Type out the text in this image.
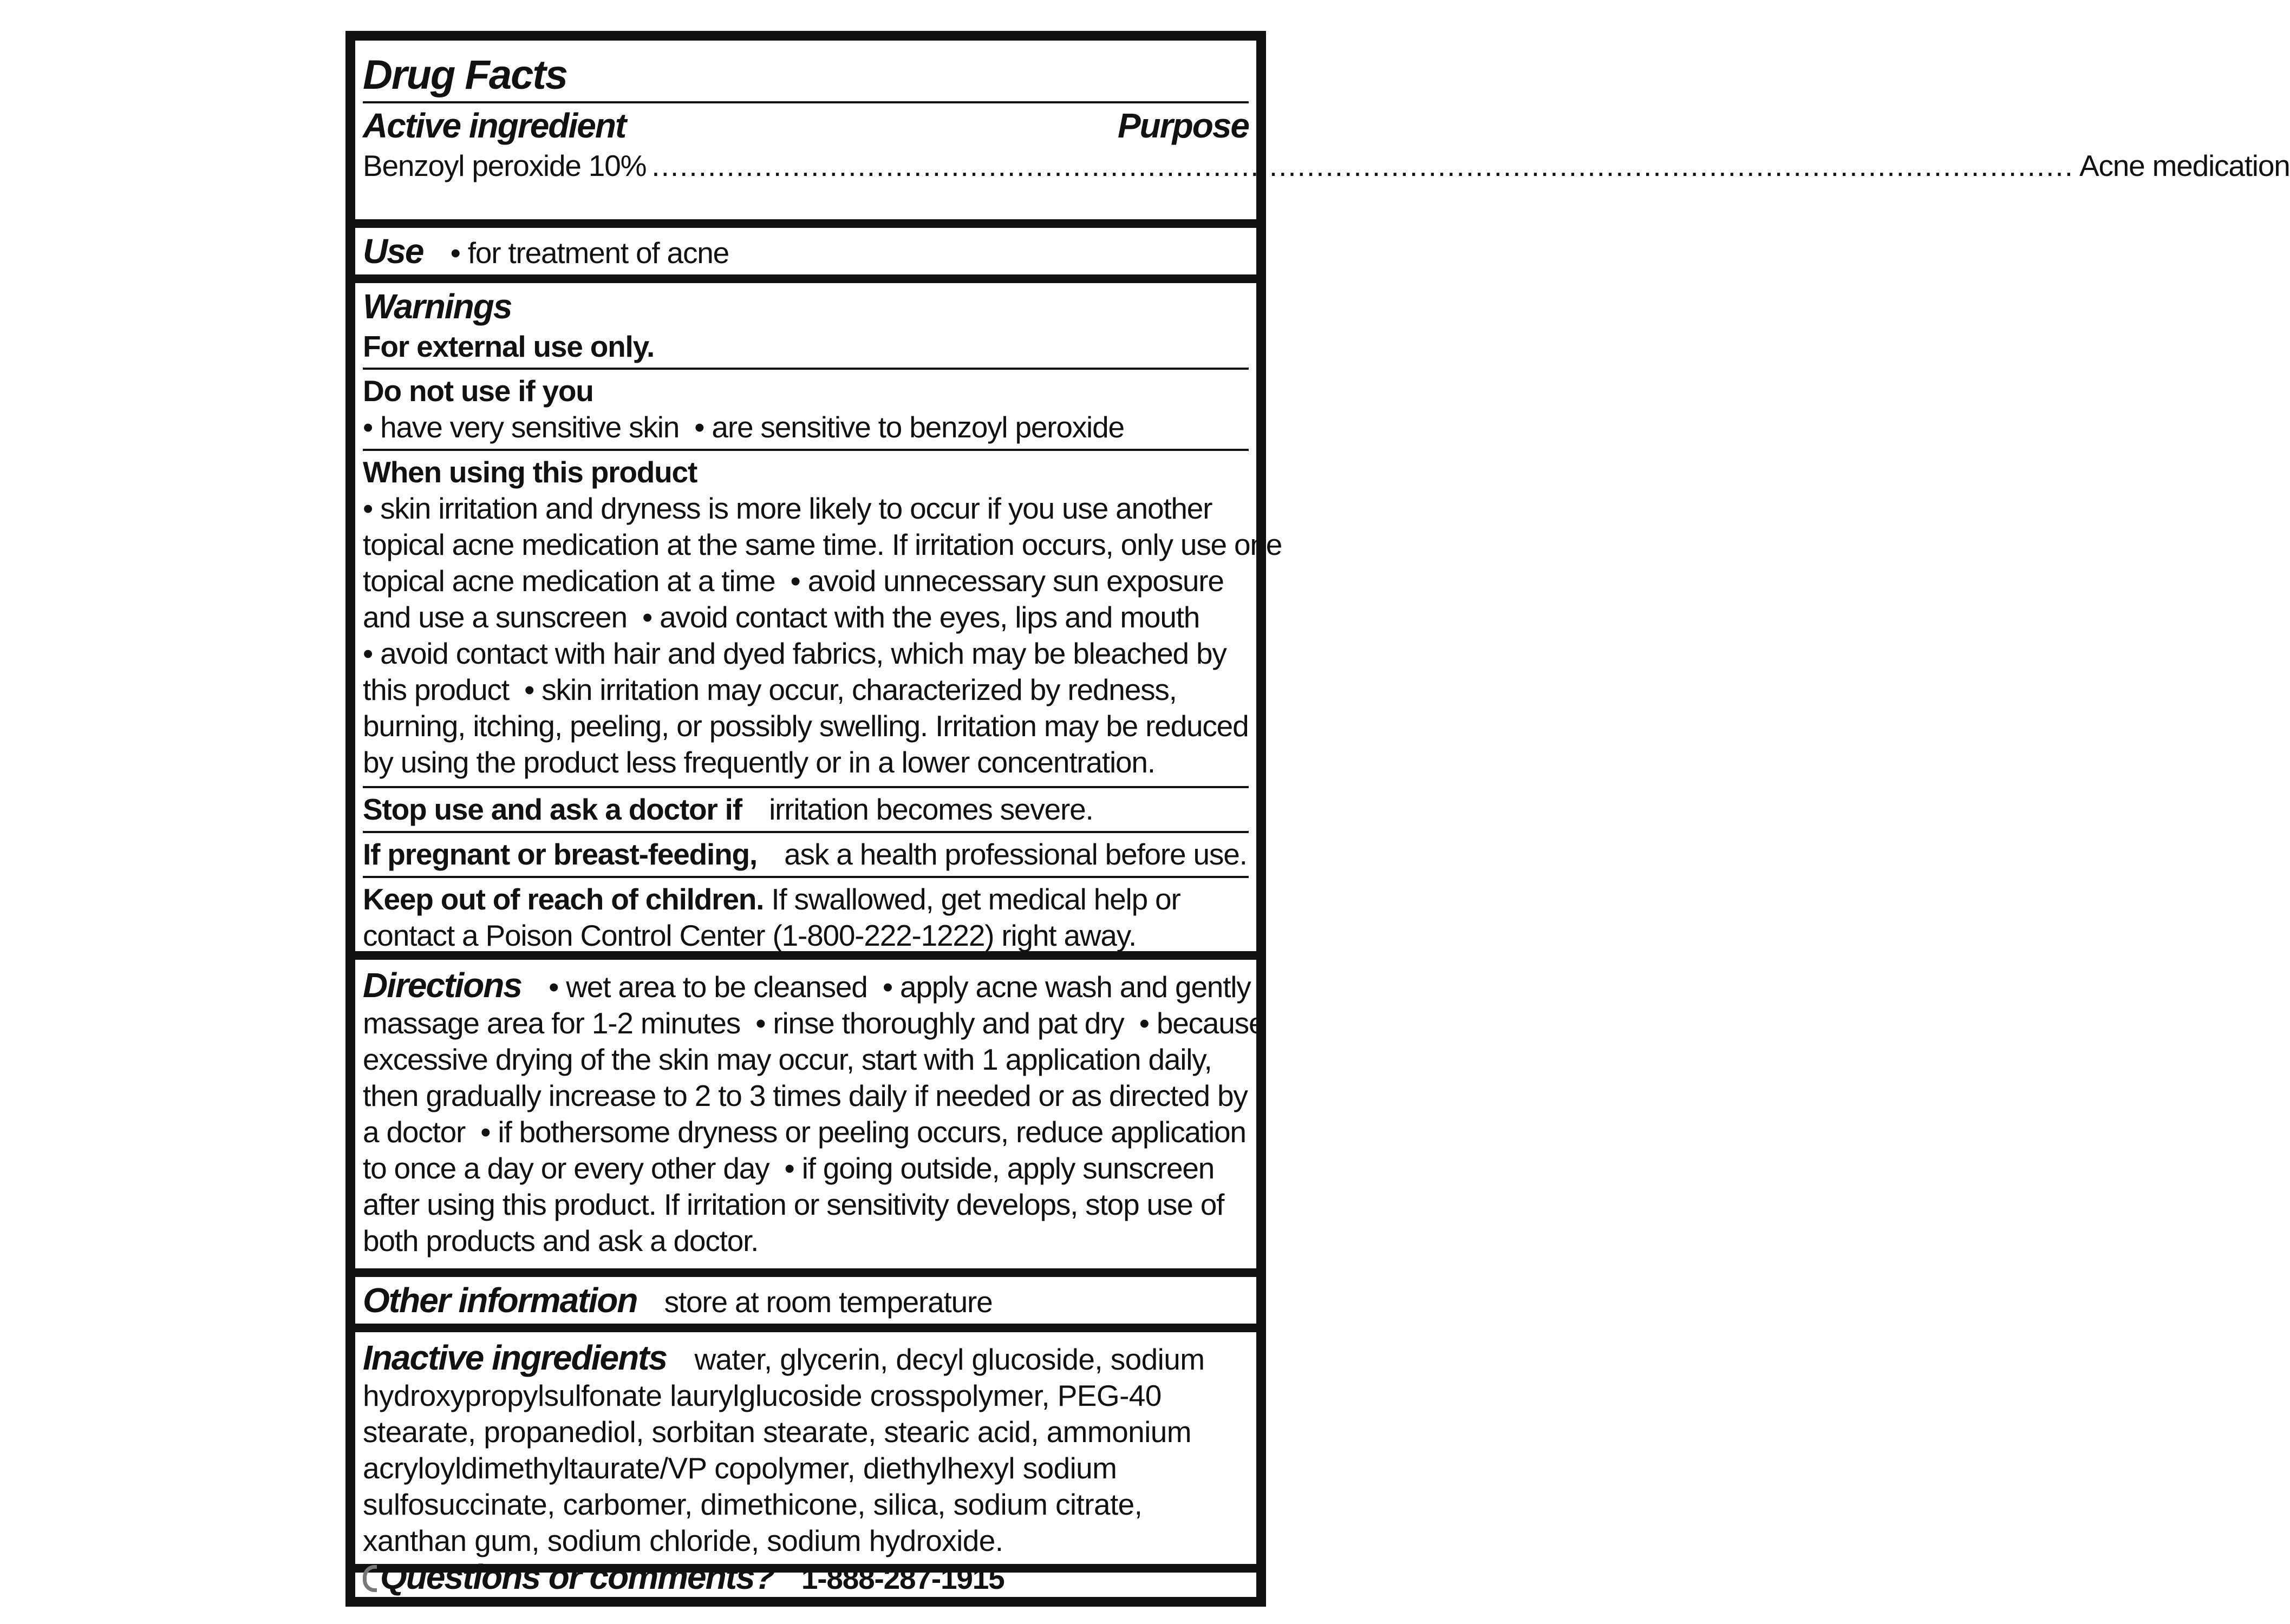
Drug Facts
Active ingredient	Purpose
Benzoyl peroxide 10% ........................................................................................................................................................ Acne medication
Use • for treatment of acne
Warnings
For external use only.
Do not use if you
• have very sensitive skin  • are sensitive to benzoyl peroxide
When using this product
• skin irritation and dryness is more likely to occur if you use another
topical acne medication at the same time. If irritation occurs, only use one
topical acne medication at a time  • avoid unnecessary sun exposure
and use a sunscreen  • avoid contact with the eyes, lips and mouth
• avoid contact with hair and dyed fabrics, which may be bleached by
this product  • skin irritation may occur, characterized by redness,
burning, itching, peeling, or possibly swelling. Irritation may be reduced
by using the product less frequently or in a lower concentration.
Stop use and ask a doctor if irritation becomes severe.
If pregnant or breast-feeding, ask a health professional before use.
Keep out of reach of children. If swallowed, get medical help or
contact a Poison Control Center (1-800-222-1222) right away.
Directions • wet area to be cleansed  • apply acne wash and gently
massage area for 1-2 minutes  • rinse thoroughly and pat dry  • because
excessive drying of the skin may occur, start with 1 application daily,
then gradually increase to 2 to 3 times daily if needed or as directed by
a doctor  • if bothersome dryness or peeling occurs, reduce application
to once a day or every other day  • if going outside, apply sunscreen
after using this product. If irritation or sensitivity develops, stop use of
both products and ask a doctor.
Other information store at room temperature
Inactive ingredients water, glycerin, decyl glucoside, sodium
hydroxypropylsulfonate laurylglucoside crosspolymer, PEG-40
stearate, propanediol, sorbitan stearate, stearic acid, ammonium
acryloyldimethyltaurate/VP copolymer, diethylhexyl sodium
sulfosuccinate, carbomer, dimethicone, silica, sodium citrate,
xanthan gum, sodium chloride, sodium hydroxide.
Questions or comments? 1-888-287-1915
